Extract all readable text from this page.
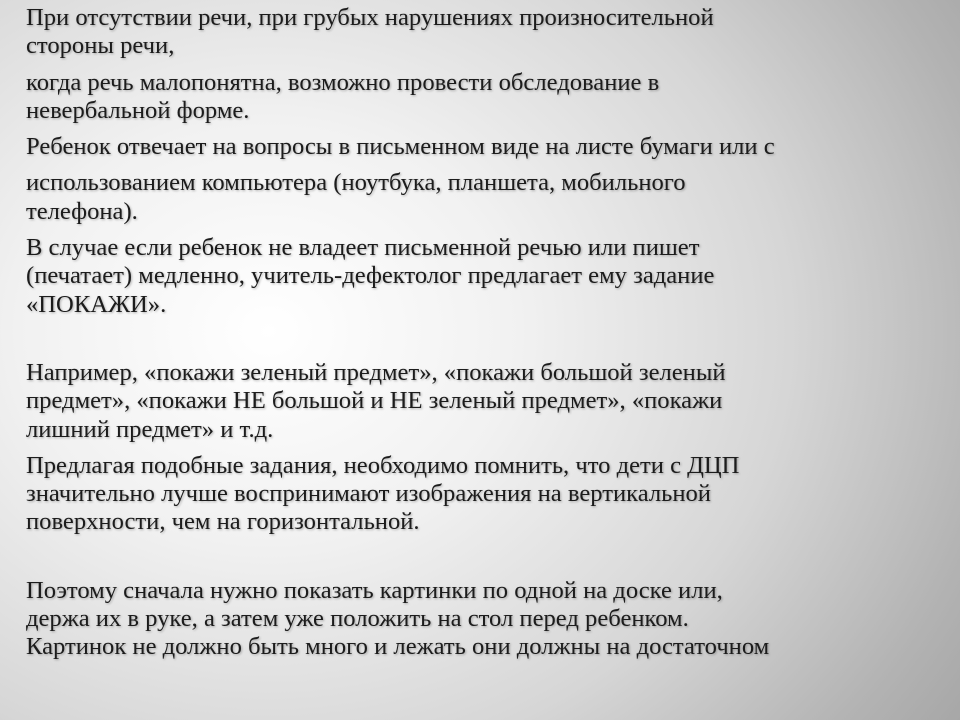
При отсутствии речи, при грубых нарушениях произносительной
стороны речи,
когда речь малопонятна, возможно провести обследование в
невербальной форме.
Ребенок отвечает на вопросы в письменном виде на листе бумаги или с
использованием компьютера (ноутбука, планшета, мобильного
телефона).
В случае если ребенок не владеет письменной речью или пишет
(печатает) медленно, учитель-дефектолог предлагает ему задание
«ПОКАЖИ».
Например, «покажи зеленый предмет», «покажи большой зеленый
предмет», «покажи НЕ большой и НЕ зеленый предмет», «покажи
лишний предмет» и т.д.
Предлагая подобные задания, необходимо помнить, что дети с ДЦП
значительно лучше воспринимают изображения на вертикальной
поверхности, чем на горизонтальной.
Поэтому сначала нужно показать картинки по одной на доске или,
держа их в руке, а затем уже положить на стол перед ребенком.
Картинок не должно быть много и лежать они должны на достаточном
